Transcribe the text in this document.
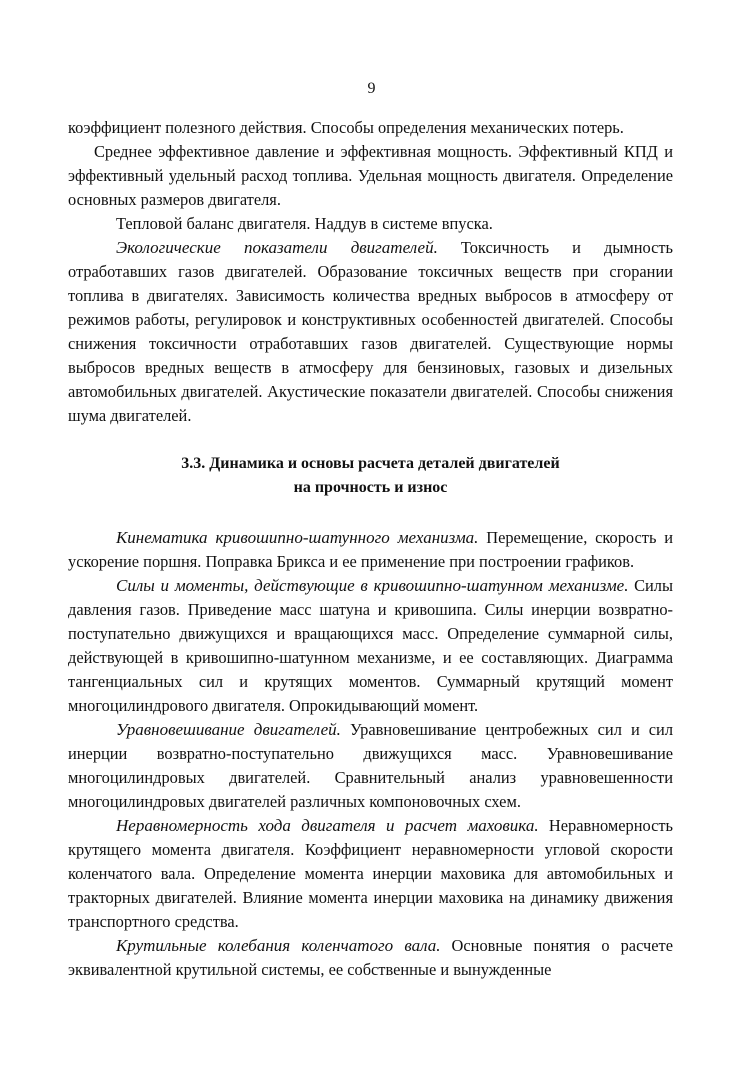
9

коэффициент полезного действия. Способы определения механических потерь.

Среднее эффективное давление и эффективная мощность. Эффективный КПД и эффективный удельный расход топлива. Удельная мощность двигателя. Определение основных размеров двигателя.

Тепловой баланс двигателя. Наддув в системе впуска.

Экологические показатели двигателей. Токсичность и дымность отработавших газов двигателей. Образование токсичных веществ при сгорании топлива в двигателях. Зависимость количества вредных выбросов в атмосферу от режимов работы, регулировок и конструктивных особенностей двигателей. Способы снижения токсичности отработавших газов двигателей. Существующие нормы выбросов вредных веществ в атмосферу для бензиновых, газовых и дизельных автомобильных двигателей. Акустические показатели двигателей. Способы снижения шума двигателей.

3.3. Динамика и основы расчета деталей двигателей
на прочность и износ

Кинематика кривошипно-шатунного механизма. Перемещение, скорость и ускорение поршня. Поправка Брикса и ее применение при построении графиков.

Силы и моменты, действующие в кривошипно-шатунном механизме. Силы давления газов. Приведение масс шатуна и кривошипа. Силы инерции возвратно-поступательно движущихся и вращающихся масс. Определение суммарной силы, действующей в кривошипно-шатунном механизме, и ее составляющих. Диаграмма тангенциальных сил и крутящих моментов. Суммарный крутящий момент многоцилиндрового двигателя. Опрокидывающий момент.

Уравновешивание двигателей. Уравновешивание центробежных сил и сил инерции возвратно-поступательно движущихся масс. Уравновешивание многоцилиндровых двигателей. Сравнительный анализ уравновешенности многоцилиндровых двигателей различных компоновочных схем.

Неравномерность хода двигателя и расчет маховика. Неравномерность крутящего момента двигателя. Коэффициент неравномерности угловой скорости коленчатого вала. Определение момента инерции маховика для автомобильных и тракторных двигателей. Влияние момента инерции маховика на динамику движения транспортного средства.

Крутильные колебания коленчатого вала. Основные понятия о расчете эквивалентной крутильной системы, ее собственные и вынужденные
